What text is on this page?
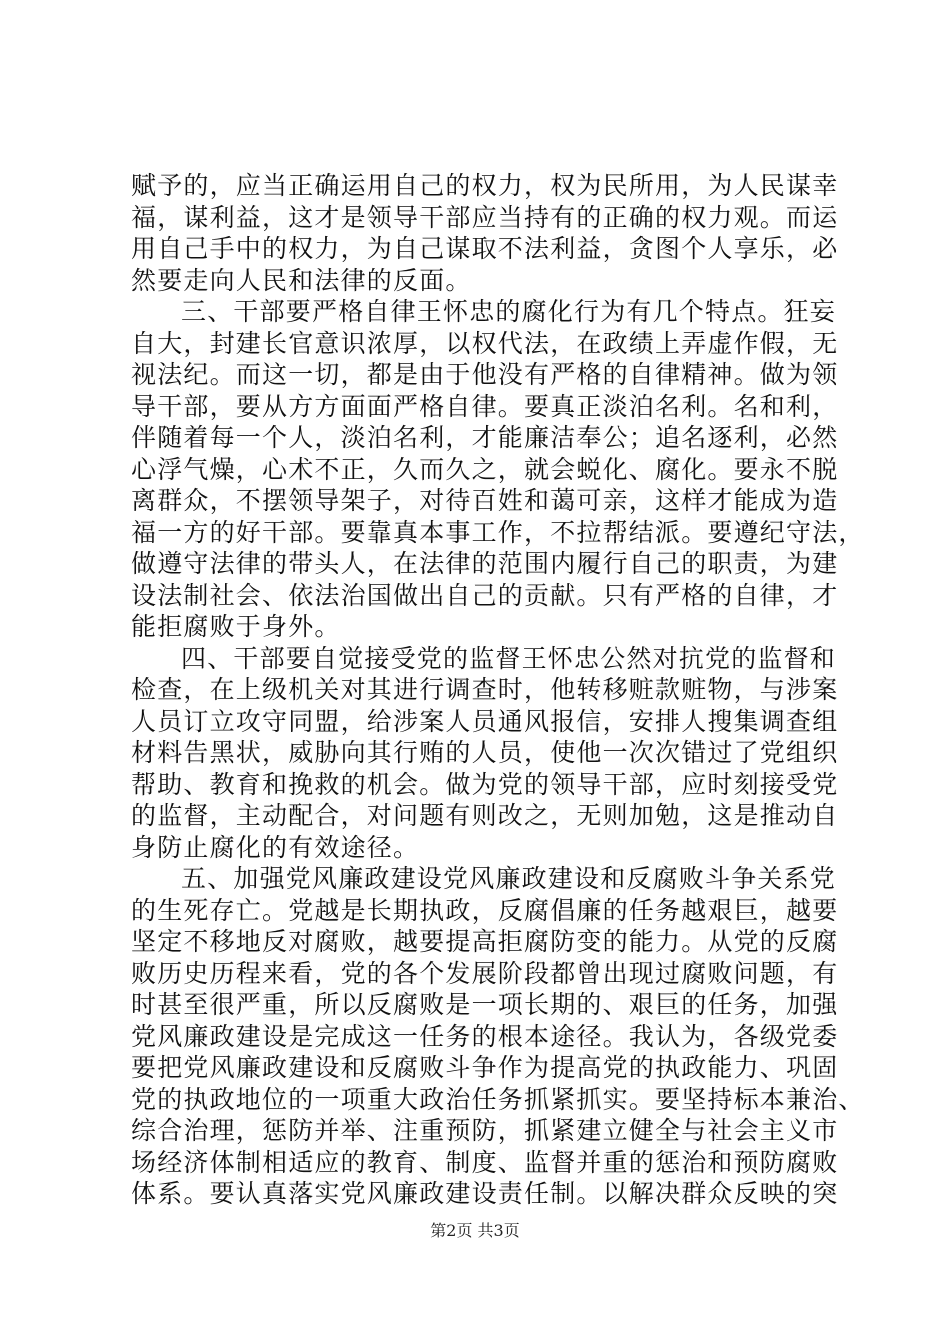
赋予的，应当正确运用自己的权力，权为民所用，为人民谋幸
福，谋利益，这才是领导干部应当持有的正确的权力观。而运
用自己手中的权力，为自己谋取不法利益，贪图个人享乐，必
然要走向人民和法律的反面。
三、干部要严格自律王怀忠的腐化行为有几个特点。狂妄
自大，封建长官意识浓厚，以权代法，在政绩上弄虚作假，无
视法纪。而这一切，都是由于他没有严格的自律精神。做为领
导干部，要从方方面面严格自律。要真正淡泊名利。名和利，
伴随着每一个人，淡泊名利，才能廉洁奉公；追名逐利，必然
心浮气燥，心术不正，久而久之，就会蜕化、腐化。要永不脱
离群众，不摆领导架子，对待百姓和蔼可亲，这样才能成为造
福一方的好干部。要靠真本事工作，不拉帮结派。要遵纪守法，
做遵守法律的带头人，在法律的范围内履行自己的职责，为建
设法制社会、依法治国做出自己的贡献。只有严格的自律，才
能拒腐败于身外。
四、干部要自觉接受党的监督王怀忠公然对抗党的监督和
检查，在上级机关对其进行调查时，他转移赃款赃物，与涉案
人员订立攻守同盟，给涉案人员通风报信，安排人搜集调查组
材料告黑状，威胁向其行贿的人员，使他一次次错过了党组织
帮助、教育和挽救的机会。做为党的领导干部，应时刻接受党
的监督，主动配合，对问题有则改之，无则加勉，这是推动自
身防止腐化的有效途径。
五、加强党风廉政建设党风廉政建设和反腐败斗争关系党
的生死存亡。党越是长期执政，反腐倡廉的任务越艰巨，越要
坚定不移地反对腐败，越要提高拒腐防变的能力。从党的反腐
败历史历程来看，党的各个发展阶段都曾出现过腐败问题，有
时甚至很严重，所以反腐败是一项长期的、艰巨的任务，加强
党风廉政建设是完成这一任务的根本途径。我认为，各级党委
要把党风廉政建设和反腐败斗争作为提高党的执政能力、巩固
党的执政地位的一项重大政治任务抓紧抓实。要坚持标本兼治、
综合治理，惩防并举、注重预防，抓紧建立健全与社会主义市
场经济体制相适应的教育、制度、监督并重的惩治和预防腐败
体系。要认真落实党风廉政建设责任制。以解决群众反映的突
第2页 共3页
